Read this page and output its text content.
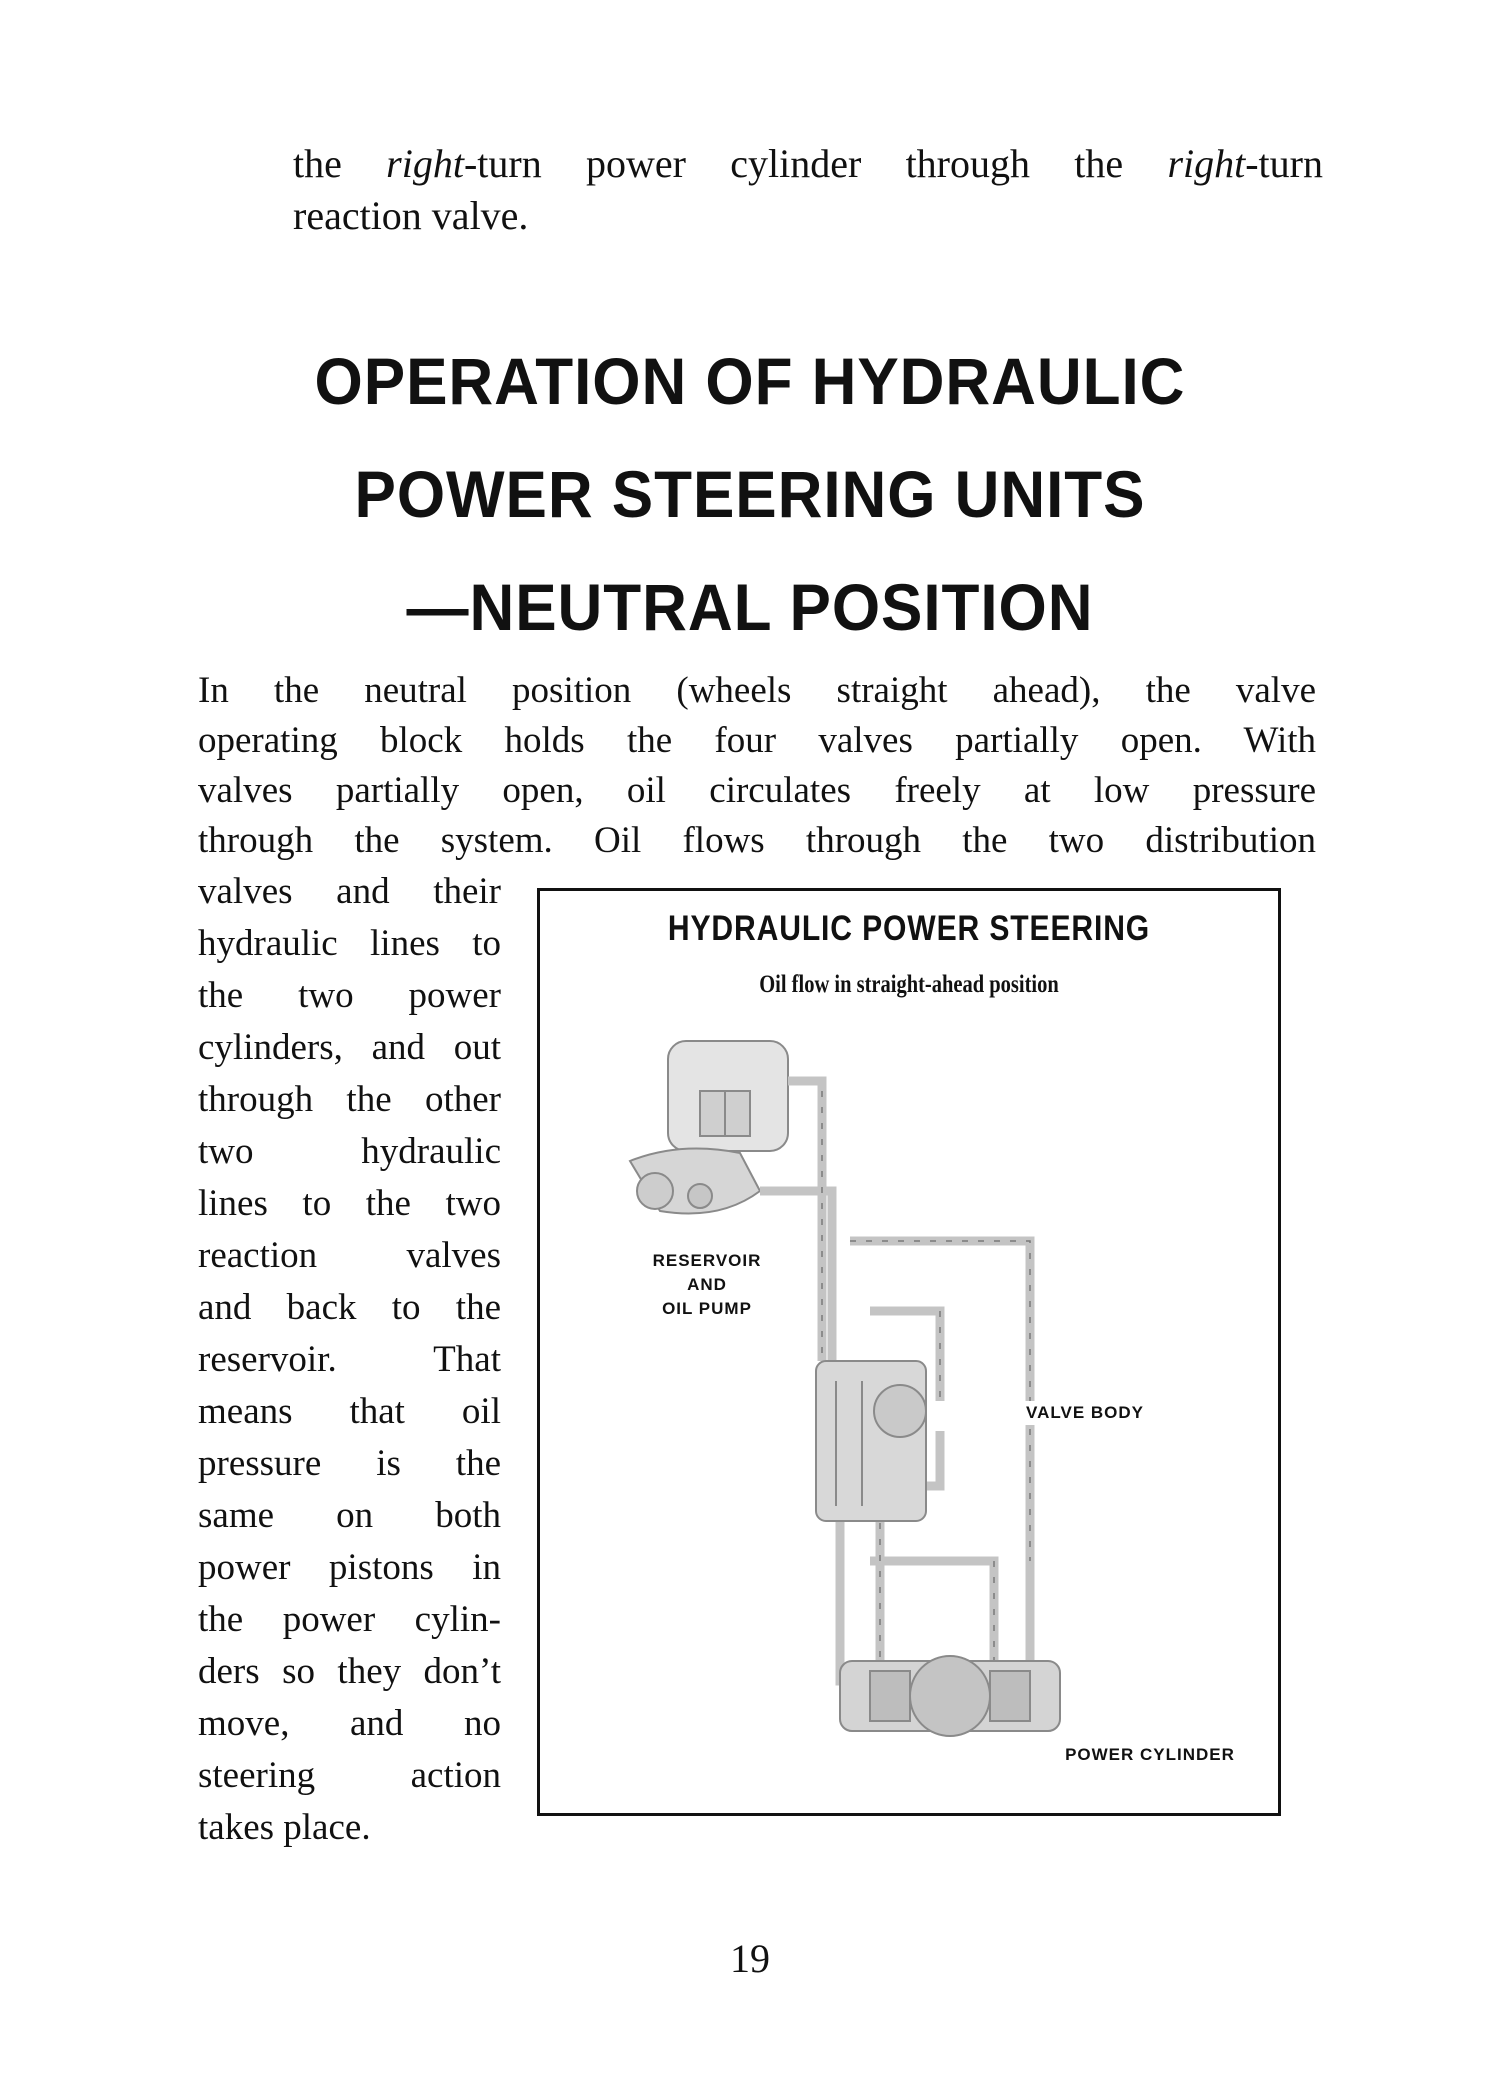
the right-turn power cylinder through the right-turn
reaction valve.
OPERATION OF HYDRAULIC
POWER STEERING UNITS
—NEUTRAL POSITION
In the neutral position (wheels straight ahead), the valve
operating block holds the four valves partially open. With
valves partially open, oil circulates freely at low pressure
through the system. Oil flows through the two distribution
valves and their
hydraulic lines to
the two power
cylinders, and out
through the other
two hydraulic
lines to the two
reaction valves
and back to the
reservoir. That
means that oil
pressure is the
same on both
power pistons in
the power cylin-
ders so they don’t
move, and no
steering action
takes place.
HYDRAULIC POWER STEERING
Oil flow in straight-ahead position
RESERVOIR
AND
OIL PUMP
VALVE BODY
POWER CYLINDER
19
